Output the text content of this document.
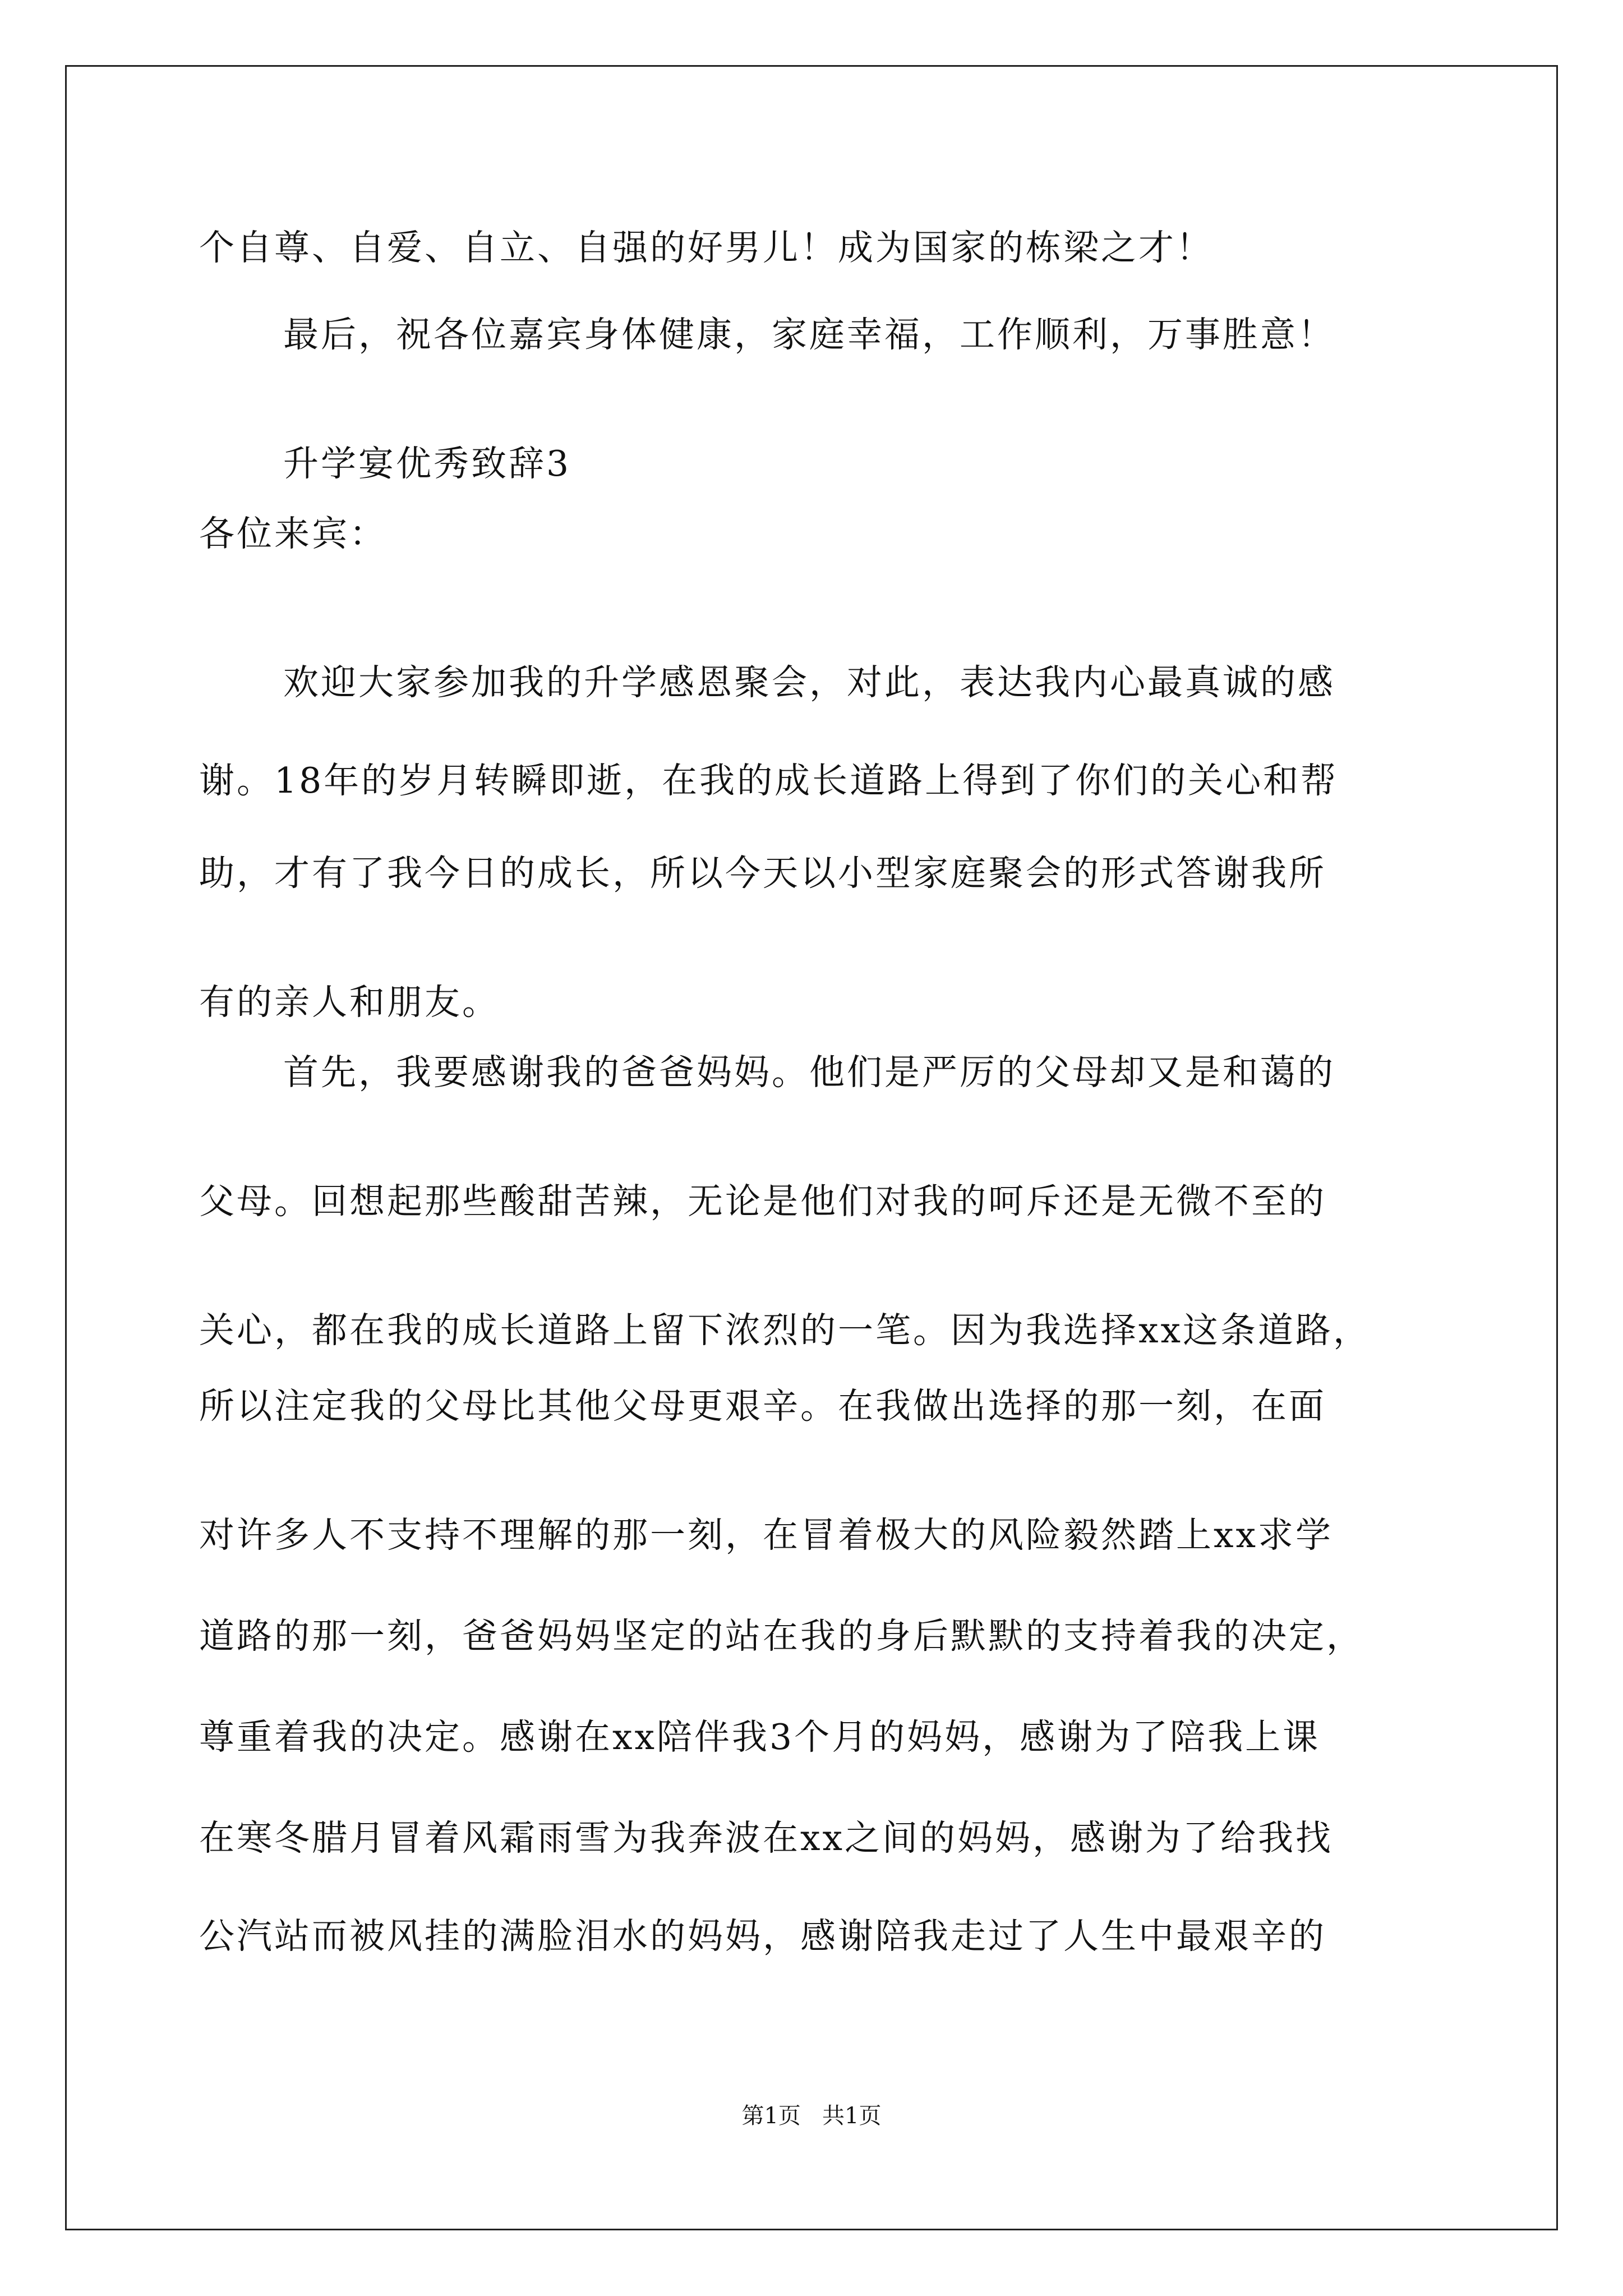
个自尊、自爱、自立、自强的好男儿！成为国家的栋梁之才！
最后，祝各位嘉宾身体健康，家庭幸福，工作顺利，万事胜意！
升学宴优秀致辞3
各位来宾：
欢迎大家参加我的升学感恩聚会，对此，表达我内心最真诚的感
谢。18年的岁月转瞬即逝，在我的成长道路上得到了你们的关心和帮
助，才有了我今日的成长，所以今天以小型家庭聚会的形式答谢我所
有的亲人和朋友。
首先，我要感谢我的爸爸妈妈。他们是严厉的父母却又是和蔼的
父母。回想起那些酸甜苦辣，无论是他们对我的呵斥还是无微不至的
关心，都在我的成长道路上留下浓烈的一笔。因为我选择xx这条道路，
所以注定我的父母比其他父母更艰辛。在我做出选择的那一刻，在面
对许多人不支持不理解的那一刻，在冒着极大的风险毅然踏上xx求学
道路的那一刻，爸爸妈妈坚定的站在我的身后默默的支持着我的决定，
尊重着我的决定。感谢在xx陪伴我3个月的妈妈，感谢为了陪我上课
在寒冬腊月冒着风霜雨雪为我奔波在xx之间的妈妈，感谢为了给我找
公汽站而被风挂的满脸泪水的妈妈，感谢陪我走过了人生中最艰辛的
第1页   共1页
